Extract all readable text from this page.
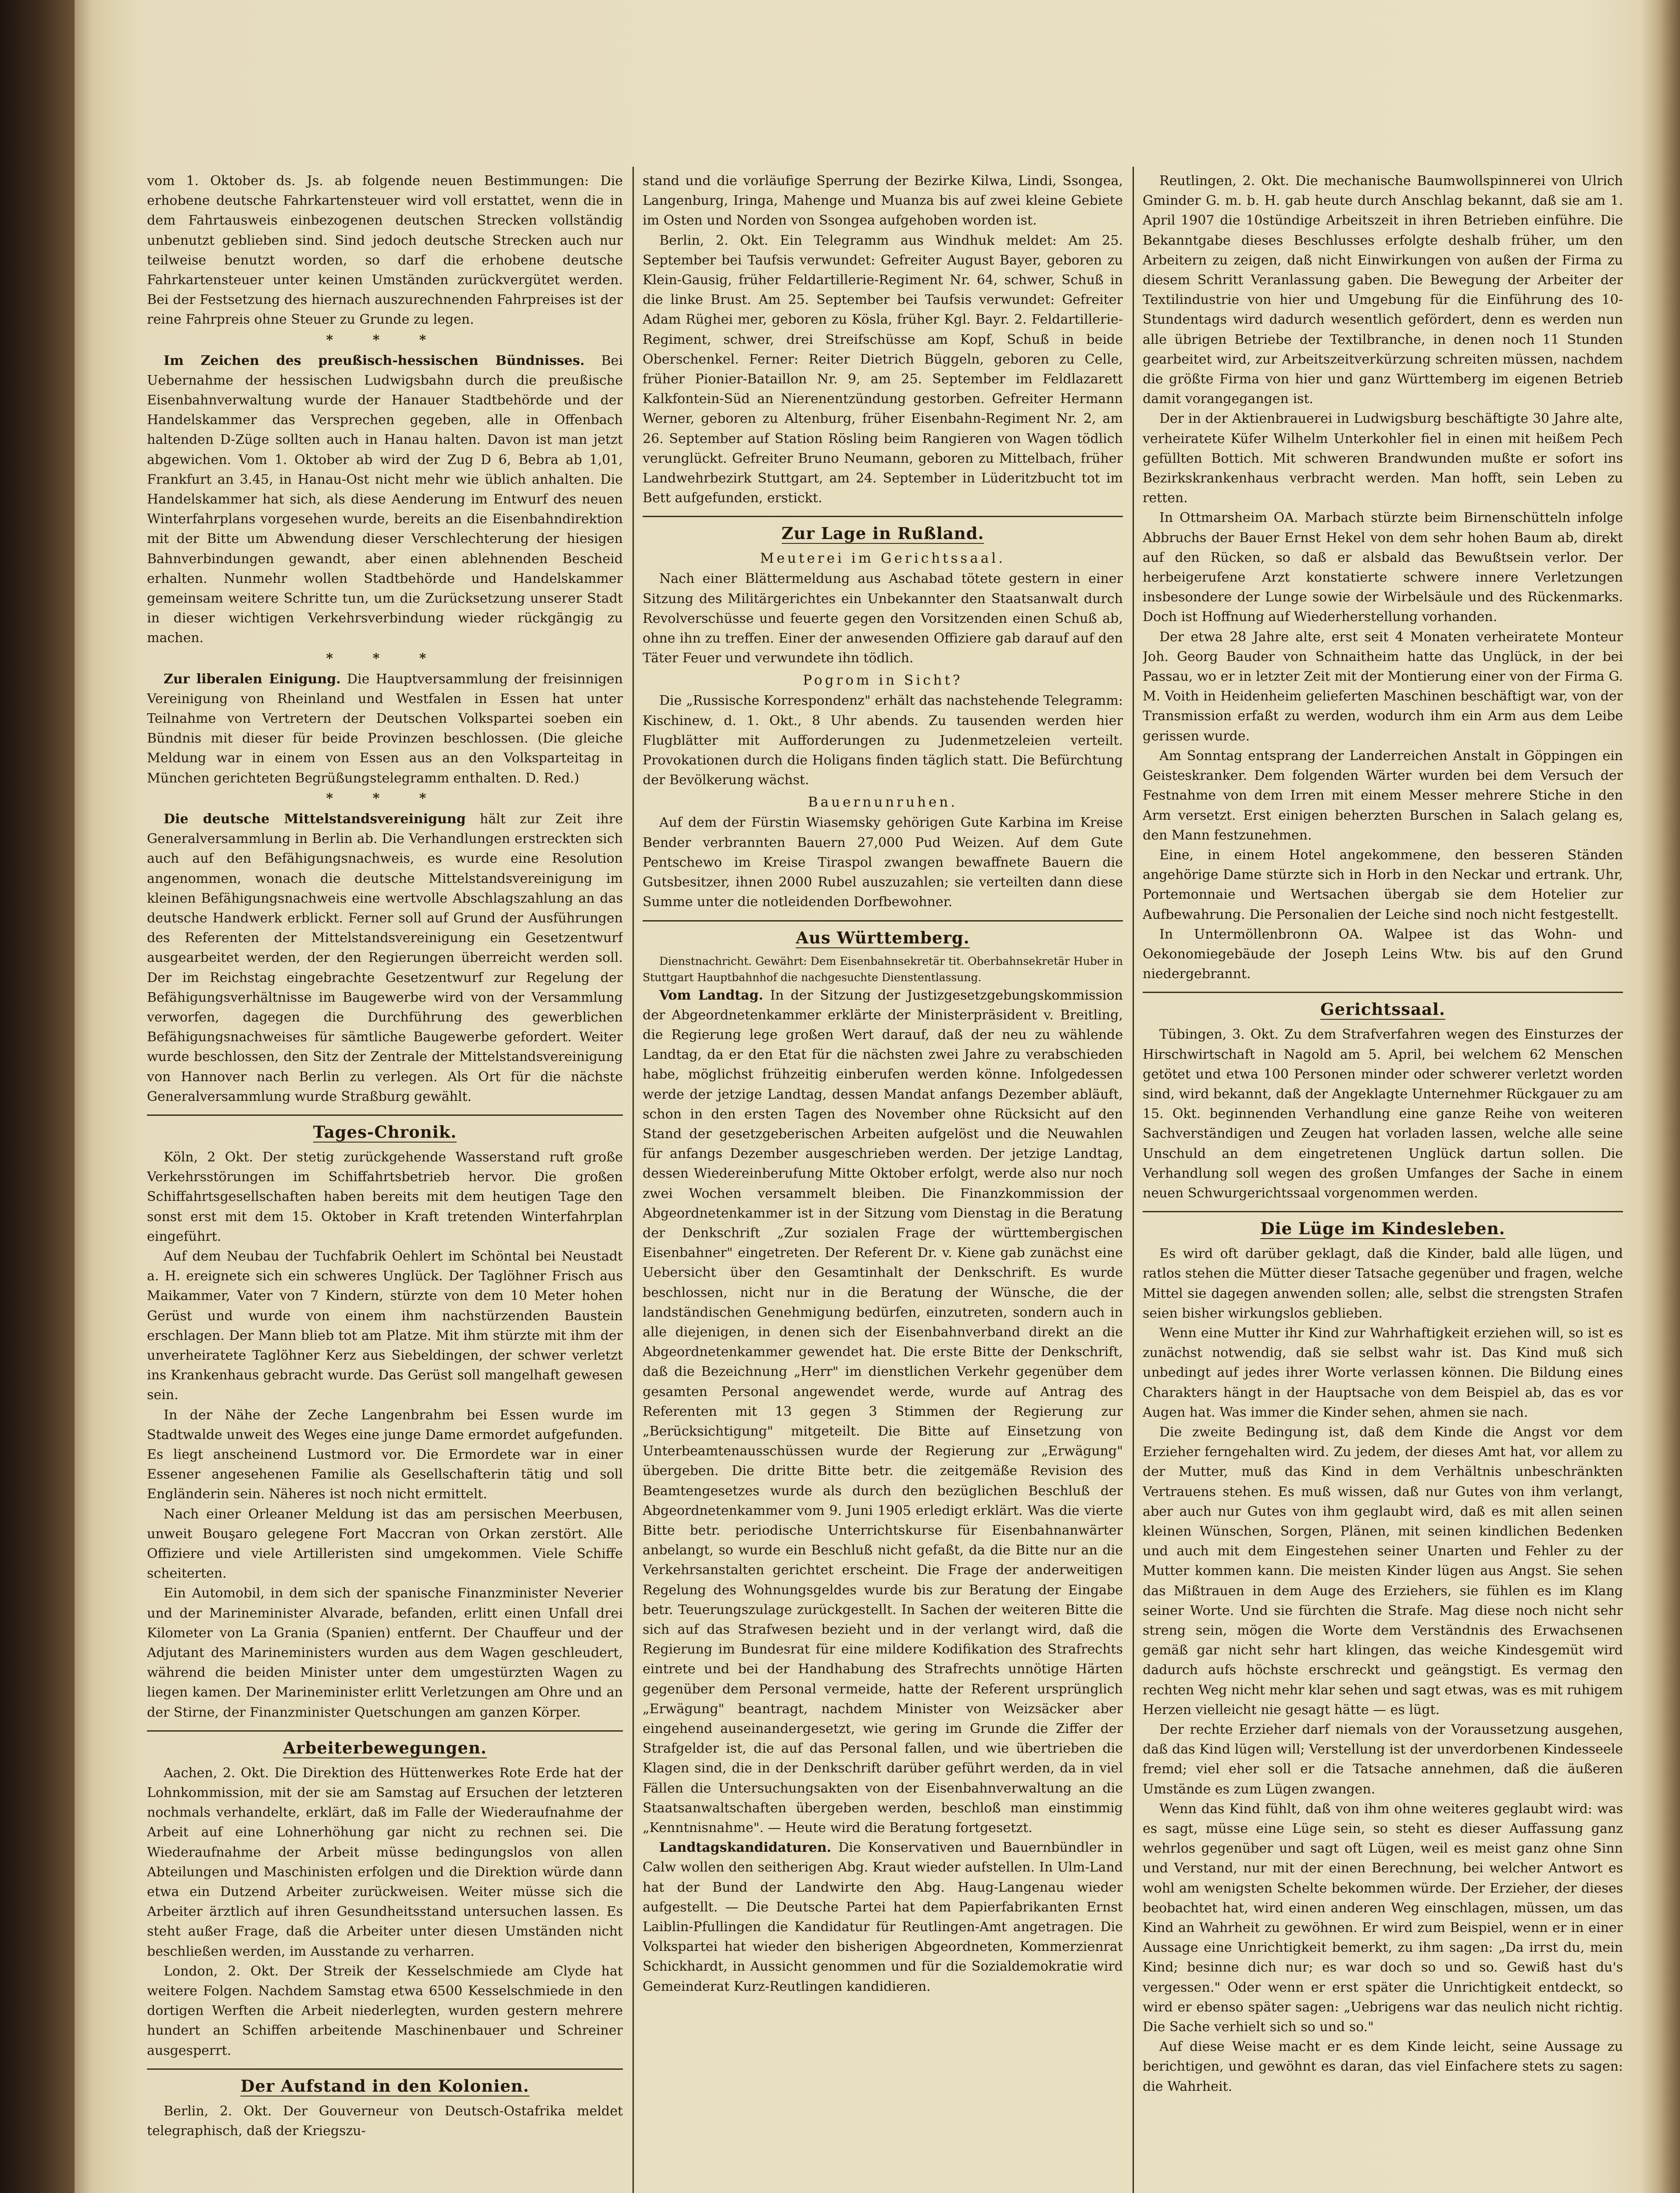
vom 1. Oktober ds. Js. ab folgende neuen Bestimmungen: Die erhobene deutsche Fahrkartensteuer wird voll erstattet, wenn die in dem Fahrtausweis einbezogenen deutschen Strecken vollständig unbenutzt geblieben sind. Sind jedoch deutsche Strecken auch nur teilweise benutzt worden, so darf die erhobene deutsche Fahrkartensteuer unter keinen Umständen zurückvergütet werden. Bei der Festsetzung des hiernach auszurechnenden Fahrpreises ist der reine Fahrpreis ohne Steuer zu Grunde zu legen.

* * *

Im Zeichen des preußisch-hessischen Bündnisses. Bei Uebernahme der hessischen Ludwigsbahn durch die preußische Eisenbahnverwaltung wurde der Hanauer Stadtbehörde und der Handelskammer das Versprechen gegeben, alle in Offenbach haltenden D-Züge sollten auch in Hanau halten. Davon ist man jetzt abgewichen. Vom 1. Oktober ab wird der Zug D 6, Bebra ab 1,01, Frankfurt an 3.45, in Hanau-Ost nicht mehr wie üblich anhalten. Die Handelskammer hat sich, als diese Aenderung im Entwurf des neuen Winterfahrplans vorgesehen wurde, bereits an die Eisenbahndirektion mit der Bitte um Abwendung dieser Verschlechterung der hiesigen Bahnverbindungen gewandt, aber einen ablehnenden Bescheid erhalten. Nunmehr wollen Stadtbehörde und Handelskammer gemeinsam weitere Schritte tun, um die Zurücksetzung unserer Stadt in dieser wichtigen Verkehrsverbindung wieder rückgängig zu machen.

* * *

Zur liberalen Einigung. Die Hauptversammlung der freisinnigen Vereinigung von Rheinland und Westfalen in Essen hat unter Teilnahme von Vertretern der Deutschen Volkspartei soeben ein Bündnis mit dieser für beide Provinzen beschlossen. (Die gleiche Meldung war in einem von Essen aus an den Volksparteitag in München gerichteten Begrüßungstelegramm enthalten. D. Red.)

* * *

Die deutsche Mittelstandsvereinigung hält zur Zeit ihre Generalversammlung in Berlin ab. Die Verhandlungen erstreckten sich auch auf den Befähigungsnachweis, es wurde eine Resolution angenommen, wonach die deutsche Mittelstandsvereinigung im kleinen Befähigungsnachweis eine wertvolle Abschlagszahlung an das deutsche Handwerk erblickt. Ferner soll auf Grund der Ausführungen des Referenten der Mittelstandsvereinigung ein Gesetzentwurf ausgearbeitet werden, der den Regierungen überreicht werden soll. Der im Reichstag eingebrachte Gesetzentwurf zur Regelung der Befähigungsverhältnisse im Baugewerbe wird von der Versammlung verworfen, dagegen die Durchführung des gewerblichen Befähigungsnachweises für sämtliche Baugewerbe gefordert. Weiter wurde beschlossen, den Sitz der Zentrale der Mittelstandsvereinigung von Hannover nach Berlin zu verlegen. Als Ort für die nächste Generalversammlung wurde Straßburg gewählt.

Tages-Chronik.

Köln, 2 Okt. Der stetig zurückgehende Wasserstand ruft große Verkehrsstörungen im Schiffahrtsbetrieb hervor. Die großen Schiffahrtsgesellschaften haben bereits mit dem heutigen Tage den sonst erst mit dem 15. Oktober in Kraft tretenden Winterfahrplan eingeführt.

Auf dem Neubau der Tuchfabrik Oehlert im Schöntal bei Neustadt a. H. ereignete sich ein schweres Unglück. Der Taglöhner Frisch aus Maikammer, Vater von 7 Kindern, stürzte von dem 10 Meter hohen Gerüst und wurde von einem ihm nachstürzenden Baustein erschlagen. Der Mann blieb tot am Platze. Mit ihm stürzte mit ihm der unverheiratete Taglöhner Kerz aus Siebeldingen, der schwer verletzt ins Krankenhaus gebracht wurde. Das Gerüst soll mangelhaft gewesen sein.

In der Nähe der Zeche Langenbrahm bei Essen wurde im Stadtwalde unweit des Weges eine junge Dame ermordet aufgefunden. Es liegt anscheinend Lustmord vor. Die Ermordete war in einer Essener angesehenen Familie als Gesellschafterin tätig und soll Engländerin sein. Näheres ist noch nicht ermittelt.

Nach einer Orleaner Meldung ist das am persischen Meerbusen, unweit Bouşaro gelegene Fort Maccran von Orkan zerstört. Alle Offiziere und viele Artilleristen sind umgekommen. Viele Schiffe scheiterten.

Ein Automobil, in dem sich der spanische Finanzminister Neverier und der Marineminister Alvarade, befanden, erlitt einen Unfall drei Kilometer von La Grania (Spanien) entfernt. Der Chauffeur und der Adjutant des Marineministers wurden aus dem Wagen geschleudert, während die beiden Minister unter dem umgestürzten Wagen zu liegen kamen. Der Marineminister erlitt Verletzungen am Ohre und an der Stirne, der Finanzminister Quetschungen am ganzen Körper.

Arbeiterbewegungen.

Aachen, 2. Okt. Die Direktion des Hüttenwerkes Rote Erde hat der Lohnkommission, mit der sie am Samstag auf Ersuchen der letzteren nochmals verhandelte, erklärt, daß im Falle der Wiederaufnahme der Arbeit auf eine Lohnerhöhung gar nicht zu rechnen sei. Die Wiederaufnahme der Arbeit müsse bedingungslos von allen Abteilungen und Maschinisten erfolgen und die Direktion würde dann etwa ein Dutzend Arbeiter zurückweisen. Weiter müsse sich die Arbeiter ärztlich auf ihren Gesundheitsstand untersuchen lassen. Es steht außer Frage, daß die Arbeiter unter diesen Umständen nicht beschließen werden, im Ausstande zu verharren.

London, 2. Okt. Der Streik der Kesselschmiede am Clyde hat weitere Folgen. Nachdem Samstag etwa 6500 Kesselschmiede in den dortigen Werften die Arbeit niederlegten, wurden gestern mehrere hundert an Schiffen arbeitende Maschinenbauer und Schreiner ausgesperrt.

Der Aufstand in den Kolonien.

Berlin, 2. Okt. Der Gouverneur von Deutsch-Ostafrika meldet telegraphisch, daß der Kriegszu-

stand und die vorläufige Sperrung der Bezirke Kilwa, Lindi, Ssongea, Langenburg, Iringa, Mahenge und Muanza bis auf zwei kleine Gebiete im Osten und Norden von Ssongea aufgehoben worden ist.

Berlin, 2. Okt. Ein Telegramm aus Windhuk meldet: Am 25. September bei Taufsis verwundet: Gefreiter August Bayer, geboren zu Klein-Gausig, früher Feldartillerie-Regiment Nr. 64, schwer, Schuß in die linke Brust. Am 25. September bei Taufsis verwundet: Gefreiter Adam Rüghei mer, geboren zu Kösla, früher Kgl. Bayr. 2. Feldartillerie-Regiment, schwer, drei Streifschüsse am Kopf, Schuß in beide Oberschenkel. Ferner: Reiter Dietrich Büggeln, geboren zu Celle, früher Pionier-Bataillon Nr. 9, am 25. September im Feldlazarett Kalkfontein-Süd an Nierenentzündung gestorben. Gefreiter Hermann Werner, geboren zu Altenburg, früher Eisenbahn-Regiment Nr. 2, am 26. September auf Station Rösling beim Rangieren von Wagen tödlich verunglückt. Gefreiter Bruno Neumann, geboren zu Mittelbach, früher Landwehrbezirk Stuttgart, am 24. September in Lüderitzbucht tot im Bett aufgefunden, erstickt.

Zur Lage in Rußland.
Meuterei im Gerichtssaal.

Nach einer Blättermeldung aus Aschabad tötete gestern in einer Sitzung des Militärgerichtes ein Unbekannter den Staatsanwalt durch Revolverschüsse und feuerte gegen den Vorsitzenden einen Schuß ab, ohne ihn zu treffen. Einer der anwesenden Offiziere gab darauf auf den Täter Feuer und verwundete ihn tödlich.

Pogrom in Sicht?

Die „Russische Korrespondenz" erhält das nachstehende Telegramm: Kischinew, d. 1. Okt., 8 Uhr abends. Zu tausenden werden hier Flugblätter mit Aufforderungen zu Judenmetzeleien verteilt. Provokationen durch die Holigans finden täglich statt. Die Befürchtung der Bevölkerung wächst.

Bauernunruhen.

Auf dem der Fürstin Wiasemsky gehörigen Gute Karbina im Kreise Bender verbrannten Bauern 27,000 Pud Weizen. Auf dem Gute Pentschewo im Kreise Tiraspol zwangen bewaffnete Bauern die Gutsbesitzer, ihnen 2000 Rubel auszuzahlen; sie verteilten dann diese Summe unter die notleidenden Dorfbewohner.

Aus Württemberg.

Dienstnachricht. Gewährt: Dem Eisenbahnsekretär tit. Oberbahnsekretär Huber in Stuttgart Hauptbahnhof die nachgesuchte Dienstentlassung.

Vom Landtag. In der Sitzung der Justizgesetzgebungskommission der Abgeordnetenkammer erklärte der Ministerpräsident v. Breitling, die Regierung lege großen Wert darauf, daß der neu zu wählende Landtag, da er den Etat für die nächsten zwei Jahre zu verabschieden habe, möglichst frühzeitig einberufen werden könne. Infolgedessen werde der jetzige Landtag, dessen Mandat anfangs Dezember abläuft, schon in den ersten Tagen des November ohne Rücksicht auf den Stand der gesetzgeberischen Arbeiten aufgelöst und die Neuwahlen für anfangs Dezember ausgeschrieben werden. Der jetzige Landtag, dessen Wiedereinberufung Mitte Oktober erfolgt, werde also nur noch zwei Wochen versammelt bleiben. Die Finanzkommission der Abgeordnetenkammer ist in der Sitzung vom Dienstag in die Beratung der Denkschrift „Zur sozialen Frage der württembergischen Eisenbahner" eingetreten. Der Referent Dr. v. Kiene gab zunächst eine Uebersicht über den Gesamtinhalt der Denkschrift. Es wurde beschlossen, nicht nur in die Beratung der Wünsche, die der landständischen Genehmigung bedürfen, einzutreten, sondern auch in alle diejenigen, in denen sich der Eisenbahnverband direkt an die Abgeordnetenkammer gewendet hat. Die erste Bitte der Denkschrift, daß die Bezeichnung „Herr" im dienstlichen Verkehr gegenüber dem gesamten Personal angewendet werde, wurde auf Antrag des Referenten mit 13 gegen 3 Stimmen der Regierung zur „Berücksichtigung" mitgeteilt. Die Bitte auf Einsetzung von Unterbeamtenausschüssen wurde der Regierung zur „Erwägung" übergeben. Die dritte Bitte betr. die zeitgemäße Revision des Beamtengesetzes wurde als durch den bezüglichen Beschluß der Abgeordnetenkammer vom 9. Juni 1905 erledigt erklärt. Was die vierte Bitte betr. periodische Unterrichtskurse für Eisenbahnanwärter anbelangt, so wurde ein Beschluß nicht gefaßt, da die Bitte nur an die Verkehrsanstalten gerichtet erscheint. Die Frage der anderweitigen Regelung des Wohnungsgeldes wurde bis zur Beratung der Eingabe betr. Teuerungszulage zurückgestellt. In Sachen der weiteren Bitte die sich auf das Strafwesen bezieht und in der verlangt wird, daß die Regierung im Bundesrat für eine mildere Kodifikation des Strafrechts eintrete und bei der Handhabung des Strafrechts unnötige Härten gegenüber dem Personal vermeide, hatte der Referent ursprünglich „Erwägung" beantragt, nachdem Minister von Weizsäcker aber eingehend auseinandergesetzt, wie gering im Grunde die Ziffer der Strafgelder ist, die auf das Personal fallen, und wie übertrieben die Klagen sind, die in der Denkschrift darüber geführt werden, da in viel Fällen die Untersuchungsakten von der Eisenbahnverwaltung an die Staatsanwaltschaften übergeben werden, beschloß man einstimmig „Kenntnisnahme". — Heute wird die Beratung fortgesetzt.

Landtagskandidaturen. Die Konservativen und Bauernbündler in Calw wollen den seitherigen Abg. Kraut wieder aufstellen. In Ulm-Land hat der Bund der Landwirte den Abg. Haug-Langenau wieder aufgestellt. — Die Deutsche Partei hat dem Papierfabrikanten Ernst Laiblin-Pfullingen die Kandidatur für Reutlingen-Amt angetragen. Die Volkspartei hat wieder den bisherigen Abgeordneten, Kommerzienrat Schickhardt, in Aussicht genommen und für die Sozialdemokratie wird Gemeinderat Kurz-Reutlingen kandidieren.

Reutlingen, 2. Okt. Die mechanische Baumwollspinnerei von Ulrich Gminder G. m. b. H. gab heute durch Anschlag bekannt, daß sie am 1. April 1907 die 10stündige Arbeitszeit in ihren Betrieben einführe. Die Bekanntgabe dieses Beschlusses erfolgte deshalb früher, um den Arbeitern zu zeigen, daß nicht Einwirkungen von außen der Firma zu diesem Schritt Veranlassung gaben. Die Bewegung der Arbeiter der Textilindustrie von hier und Umgebung für die Einführung des 10-Stundentags wird dadurch wesentlich gefördert, denn es werden nun alle übrigen Betriebe der Textilbranche, in denen noch 11 Stunden gearbeitet wird, zur Arbeitszeitverkürzung schreiten müssen, nachdem die größte Firma von hier und ganz Württemberg im eigenen Betrieb damit vorangegangen ist.

Der in der Aktienbrauerei in Ludwigsburg beschäftigte 30 Jahre alte, verheiratete Küfer Wilhelm Unterkohler fiel in einen mit heißem Pech gefüllten Bottich. Mit schweren Brandwunden mußte er sofort ins Bezirkskrankenhaus verbracht werden. Man hofft, sein Leben zu retten.

In Ottmarsheim OA. Marbach stürzte beim Birnenschütteln infolge Abbruchs der Bauer Ernst Hekel von dem sehr hohen Baum ab, direkt auf den Rücken, so daß er alsbald das Bewußtsein verlor. Der herbeigerufene Arzt konstatierte schwere innere Verletzungen insbesondere der Lunge sowie der Wirbelsäule und des Rückenmarks. Doch ist Hoffnung auf Wiederherstellung vorhanden.

Der etwa 28 Jahre alte, erst seit 4 Monaten verheiratete Monteur Joh. Georg Bauder von Schnaitheim hatte das Unglück, in der bei Passau, wo er in letzter Zeit mit der Montierung einer von der Firma G. M. Voith in Heidenheim gelieferten Maschinen beschäftigt war, von der Transmission erfaßt zu werden, wodurch ihm ein Arm aus dem Leibe gerissen wurde.

Am Sonntag entsprang der Landerreichen Anstalt in Göppingen ein Geisteskranker. Dem folgenden Wärter wurden bei dem Versuch der Festnahme von dem Irren mit einem Messer mehrere Stiche in den Arm versetzt. Erst einigen beherzten Burschen in Salach gelang es, den Mann festzunehmen.

Eine, in einem Hotel angekommene, den besseren Ständen angehörige Dame stürzte sich in Horb in den Neckar und ertrank. Uhr, Portemonnaie und Wertsachen übergab sie dem Hotelier zur Aufbewahrung. Die Personalien der Leiche sind noch nicht festgestellt.

In Untermöllenbronn OA. Walpee ist das Wohn- und Oekonomiegebäude der Joseph Leins Wtw. bis auf den Grund niedergebrannt.

Gerichtssaal.

Tübingen, 3. Okt. Zu dem Strafverfahren wegen des Einsturzes der Hirschwirtschaft in Nagold am 5. April, bei welchem 62 Menschen getötet und etwa 100 Personen minder oder schwerer verletzt worden sind, wird bekannt, daß der Angeklagte Unternehmer Rückgauer zu am 15. Okt. beginnenden Verhandlung eine ganze Reihe von weiteren Sachverständigen und Zeugen hat vorladen lassen, welche alle seine Unschuld an dem eingetretenen Unglück dartun sollen. Die Verhandlung soll wegen des großen Umfanges der Sache in einem neuen Schwurgerichtssaal vorgenommen werden.

Die Lüge im Kindesleben.

Es wird oft darüber geklagt, daß die Kinder, bald alle lügen, und ratlos stehen die Mütter dieser Tatsache gegenüber und fragen, welche Mittel sie dagegen anwenden sollen; alle, selbst die strengsten Strafen seien bisher wirkungslos geblieben.

Wenn eine Mutter ihr Kind zur Wahrhaftigkeit erziehen will, so ist es zunächst notwendig, daß sie selbst wahr ist. Das Kind muß sich unbedingt auf jedes ihrer Worte verlassen können. Die Bildung eines Charakters hängt in der Hauptsache von dem Beispiel ab, das es vor Augen hat. Was immer die Kinder sehen, ahmen sie nach.

Die zweite Bedingung ist, daß dem Kinde die Angst vor dem Erzieher ferngehalten wird. Zu jedem, der dieses Amt hat, vor allem zu der Mutter, muß das Kind in dem Verhältnis unbeschränkten Vertrauens stehen. Es muß wissen, daß nur Gutes von ihm verlangt, aber auch nur Gutes von ihm geglaubt wird, daß es mit allen seinen kleinen Wünschen, Sorgen, Plänen, mit seinen kindlichen Bedenken und auch mit dem Eingestehen seiner Unarten und Fehler zu der Mutter kommen kann. Die meisten Kinder lügen aus Angst. Sie sehen das Mißtrauen in dem Auge des Erziehers, sie fühlen es im Klang seiner Worte. Und sie fürchten die Strafe. Mag diese noch nicht sehr streng sein, mögen die Worte dem Verständnis des Erwachsenen gemäß gar nicht sehr hart klingen, das weiche Kindesgemüt wird dadurch aufs höchste erschreckt und geängstigt. Es vermag den rechten Weg nicht mehr klar sehen und sagt etwas, was es mit ruhigem Herzen vielleicht nie gesagt hätte — es lügt.

Der rechte Erzieher darf niemals von der Voraussetzung ausgehen, daß das Kind lügen will; Verstellung ist der unverdorbenen Kindesseele fremd; viel eher soll er die Tatsache annehmen, daß die äußeren Umstände es zum Lügen zwangen.

Wenn das Kind fühlt, daß von ihm ohne weiteres geglaubt wird: was es sagt, müsse eine Lüge sein, so steht es dieser Auffassung ganz wehrlos gegenüber und sagt oft Lügen, weil es meist ganz ohne Sinn und Verstand, nur mit der einen Berechnung, bei welcher Antwort es wohl am wenigsten Schelte bekommen würde. Der Erzieher, der dieses beobachtet hat, wird einen anderen Weg einschlagen, müssen, um das Kind an Wahrheit zu gewöhnen. Er wird zum Beispiel, wenn er in einer Aussage eine Unrichtigkeit bemerkt, zu ihm sagen: „Da irrst du, mein Kind; besinne dich nur; es war doch so und so. Gewiß hast du's vergessen." Oder wenn er erst später die Unrichtigkeit entdeckt, so wird er ebenso später sagen: „Uebrigens war das neulich nicht richtig. Die Sache verhielt sich so und so."

Auf diese Weise macht er es dem Kinde leicht, seine Aussage zu berichtigen, und gewöhnt es daran, das viel Einfachere stets zu sagen: die Wahrheit.
